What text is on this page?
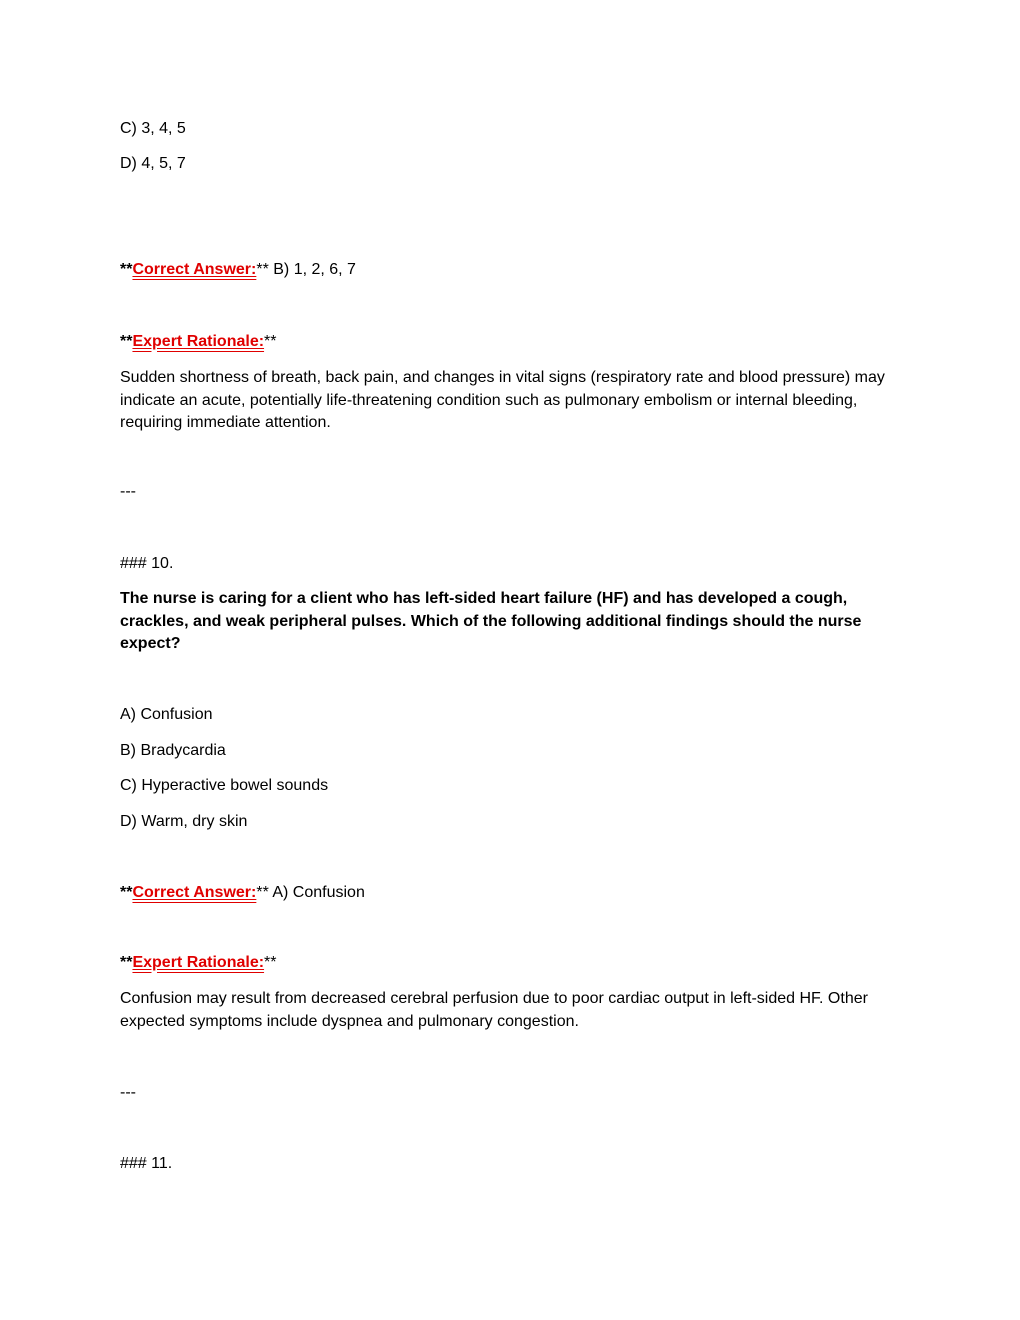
C) 3, 4, 5

D) 4, 5, 7

**Correct Answer:** B) 1, 2, 6, 7

**Expert Rationale:**

Sudden shortness of breath, back pain, and changes in vital signs (respiratory rate and blood pressure) may indicate an acute, potentially life-threatening condition such as pulmonary embolism or internal bleeding, requiring immediate attention.

---

### 10.

The nurse is caring for a client who has left-sided heart failure (HF) and has developed a cough, crackles, and weak peripheral pulses. Which of the following additional findings should the nurse expect?

A) Confusion

B) Bradycardia

C) Hyperactive bowel sounds

D) Warm, dry skin

**Correct Answer:** A) Confusion

**Expert Rationale:**

Confusion may result from decreased cerebral perfusion due to poor cardiac output in left-sided HF. Other expected symptoms include dyspnea and pulmonary congestion.

---

### 11.
